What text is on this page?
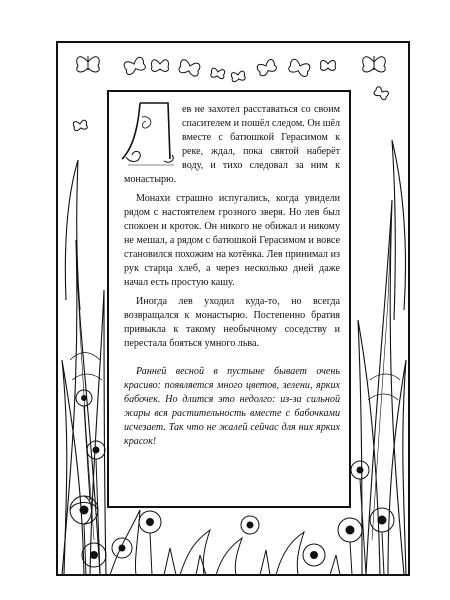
Л

ев не захотел расставаться со своим спасителем и пошёл следом. Он шёл вместе с батюшкой Герасимом к реке, ждал, пока святой наберёт воду, и тихо следовал за ним к монастырю.

Монахи страшно испугались, когда увидели рядом с настоятелем грозного зверя. Но лев был спокоен и кроток. Он никого не обижал и никому не мешал, а рядом с батюшкой Герасимом и вовсе становился похожим на котёнка. Лев принимал из рук старца хлеб, а через несколько дней даже начал есть простую кашу.

Иногда лев уходил куда-то, но всегда возвращался к монастырю. Постепенно братия привыкла к такому необычному соседству и перестала бояться умного льва.

Ранней весной в пустыне бывает очень красиво: появляется много цветов, зелени, ярких бабочек. Но длится это недолго: из-за сильной жары вся растительность вместе с бабочками исчезает. Так что не жалей сейчас для них ярких красок!
